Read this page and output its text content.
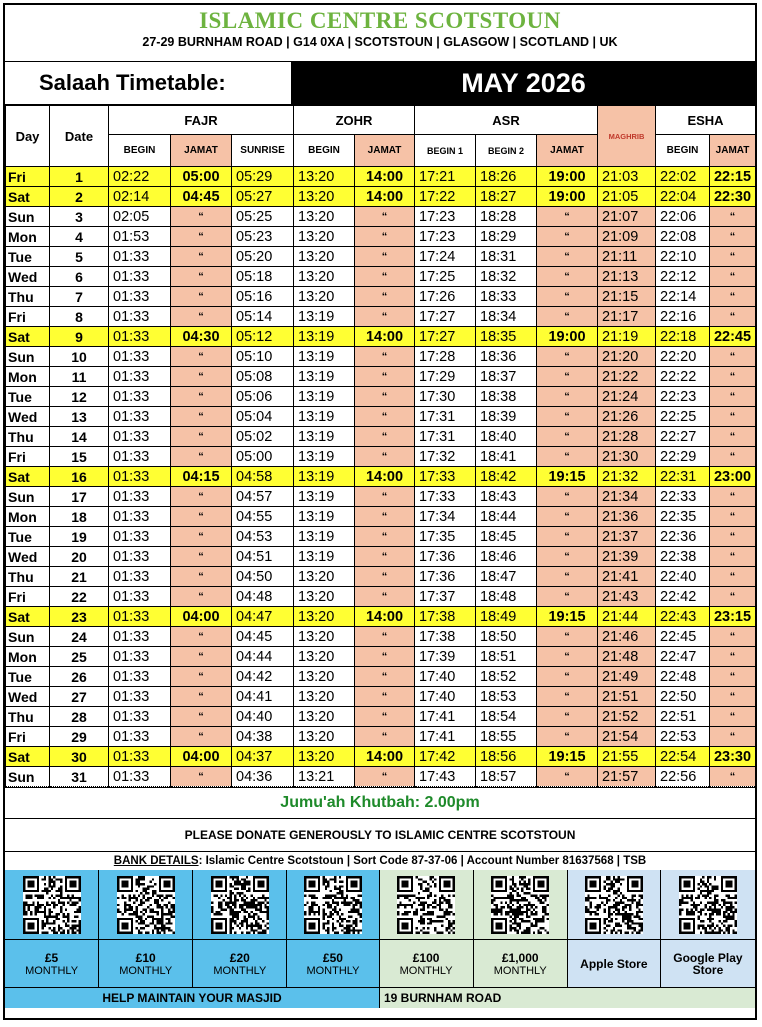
ISLAMIC CENTRE SCOTSTOUN
27-29 BURNHAM ROAD | G14 0XA | SCOTSTOUN | GLASGOW | SCOTLAND | UK
Salaah Timetable:	MAY 2026
Day	Date	FAJR			ZOHR		ASR			MAGHRIB	ESHA	
		BEGIN	JAMAT	SUNRISE	BEGIN	JAMAT	BEGIN 1	BEGIN 2	JAMAT		BEGIN	JAMAT
Fri	1	02:22	05:00	05:29	13:20	14:00	17:21	18:26	19:00	21:03	22:02	22:15
Sat	2	02:14	04:45	05:27	13:20	14:00	17:22	18:27	19:00	21:05	22:04	22:30
Sun	3	02:05	“	05:25	13:20	“	17:23	18:28	“	21:07	22:06	“
Mon	4	01:53	“	05:23	13:20	“	17:23	18:29	“	21:09	22:08	“
Tue	5	01:33	“	05:20	13:20	“	17:24	18:31	“	21:11	22:10	“
Wed	6	01:33	“	05:18	13:20	“	17:25	18:32	“	21:13	22:12	“
Thu	7	01:33	“	05:16	13:20	“	17:26	18:33	“	21:15	22:14	“
Fri	8	01:33	“	05:14	13:19	“	17:27	18:34	“	21:17	22:16	“
Sat	9	01:33	04:30	05:12	13:19	14:00	17:27	18:35	19:00	21:19	22:18	22:45
Sun	10	01:33	“	05:10	13:19	“	17:28	18:36	“	21:20	22:20	“
Mon	11	01:33	“	05:08	13:19	“	17:29	18:37	“	21:22	22:22	“
Tue	12	01:33	“	05:06	13:19	“	17:30	18:38	“	21:24	22:23	“
Wed	13	01:33	“	05:04	13:19	“	17:31	18:39	“	21:26	22:25	“
Thu	14	01:33	“	05:02	13:19	“	17:31	18:40	“	21:28	22:27	“
Fri	15	01:33	“	05:00	13:19	“	17:32	18:41	“	21:30	22:29	“
Sat	16	01:33	04:15	04:58	13:19	14:00	17:33	18:42	19:15	21:32	22:31	23:00
Sun	17	01:33	“	04:57	13:19	“	17:33	18:43	“	21:34	22:33	“
Mon	18	01:33	“	04:55	13:19	“	17:34	18:44	“	21:36	22:35	“
Tue	19	01:33	“	04:53	13:19	“	17:35	18:45	“	21:37	22:36	“
Wed	20	01:33	“	04:51	13:19	“	17:36	18:46	“	21:39	22:38	“
Thu	21	01:33	“	04:50	13:20	“	17:36	18:47	“	21:41	22:40	“
Fri	22	01:33	“	04:48	13:20	“	17:37	18:48	“	21:43	22:42	“
Sat	23	01:33	04:00	04:47	13:20	14:00	17:38	18:49	19:15	21:44	22:43	23:15
Sun	24	01:33	“	04:45	13:20	“	17:38	18:50	“	21:46	22:45	“
Mon	25	01:33	“	04:44	13:20	“	17:39	18:51	“	21:48	22:47	“
Tue	26	01:33	“	04:42	13:20	“	17:40	18:52	“	21:49	22:48	“
Wed	27	01:33	“	04:41	13:20	“	17:40	18:53	“	21:51	22:50	“
Thu	28	01:33	“	04:40	13:20	“	17:41	18:54	“	21:52	22:51	“
Fri	29	01:33	“	04:38	13:20	“	17:41	18:55	“	21:54	22:53	“
Sat	30	01:33	04:00	04:37	13:20	14:00	17:42	18:56	19:15	21:55	22:54	23:30
Sun	31	01:33	“	04:36	13:21	“	17:43	18:57	“	21:57	22:56	“
Jumu'ah Khutbah: 2.00pm
PLEASE DONATE GENEROUSLY TO ISLAMIC CENTRE SCOTSTOUN
BANK DETAILS : Islamic Centre Scotstoun | Sort Code 87-37-06 | Account Number 81637568 | TSB
£5
MONTHLY
£10
MONTHLY
£20
MONTHLY
£50
MONTHLY
£100
MONTHLY
£1,000
MONTHLY	Apple Store	Google Play Store
HELP MAINTAIN YOUR MASJID	19 BURNHAM ROAD
